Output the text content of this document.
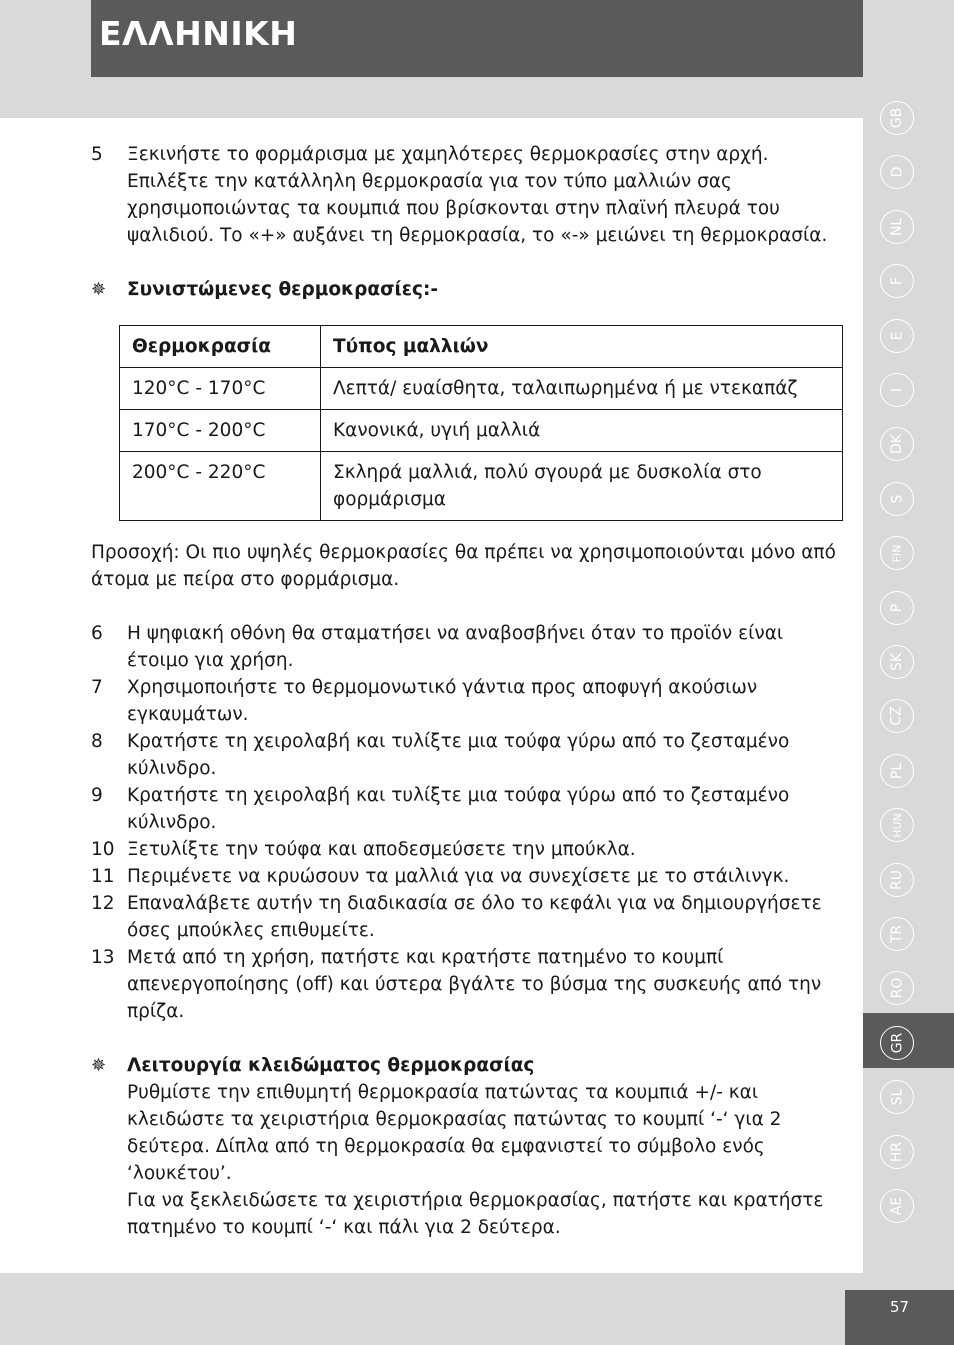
ΕΛΛΗΝΙΚΗ
GB
D
NL
F
E
I
DK
S
FIN
P
SK
CZ
PL
HUN
RU
TR
RO
GR
SL
HR
AE
5	Ξεκινήστε το φορμάρισμα με χαμηλότερες θερμοκρασίες στην αρχή. Επιλέξτε την κατάλληλη θερμοκρασία για τον τύπο μαλλιών σας χρησιμοποιώντας τα κουμπιά που βρίσκονται στην πλαϊνή πλευρά του ψαλιδιού. Το «+» αυξάνει τη θερμοκρασία, το «-» μειώνει τη θερμοκρασία.
✵	Συνιστώμενες θερμοκρασίες:-
Θερμοκρασία	Τύπος μαλλιών
120°C - 170°C	Λεπτά/ ευαίσθητα, ταλαιπωρημένα ή με ντεκαπάζ
170°C - 200°C	Κανονικά, υγιή μαλλιά
200°C - 220°C	Σκληρά μαλλιά, πολύ σγουρά με δυσκολία στο φορμάρισμα
Προσοχή: Οι πιο υψηλές θερμοκρασίες θα πρέπει να χρησιμοποιούνται μόνο από άτομα με πείρα στο φορμάρισμα.
6	Η ψηφιακή οθόνη θα σταματήσει να αναβοσβήνει όταν το προϊόν είναι έτοιμο για χρήση.
7	Χρησιμοποιήστε το θερμομονωτικό γάντια προς αποφυγή ακούσιων εγκαυμάτων.
8	Κρατήστε τη χειρολαβή και τυλίξτε μια τούφα γύρω από το ζεσταμένο κύλινδρο.
9	Κρατήστε τη χειρολαβή και τυλίξτε μια τούφα γύρω από το ζεσταμένο κύλινδρο.
10 Ξετυλίξτε την τούφα και αποδεσμεύσετε την μπούκλα.
11 Περιμένετε να κρυώσουν τα μαλλιά για να συνεχίσετε με το στάιλινγκ.
12 Επαναλάβετε αυτήν τη διαδικασία σε όλο το κεφάλι για να δημιουργήσετε όσες μπούκλες επιθυμείτε.
13 Μετά από τη χρήση, πατήστε και κρατήστε πατημένο το κουμπί απενεργοποίησης (off) και ύστερα βγάλτε το βύσμα της συσκευής από την πρίζα.
✵	Λειτουργία κλειδώματος θερμοκρασίας
Ρυθμίστε την επιθυμητή θερμοκρασία πατώντας τα κουμπιά +/- και κλειδώστε τα χειριστήρια θερμοκρασίας πατώντας το κουμπί ‘-‘ για 2 δεύτερα. Δίπλα από τη θερμοκρασία θα εμφανιστεί το σύμβολο ενός ‘λουκέτου’.
Για να ξεκλειδώσετε τα χειριστήρια θερμοκρασίας, πατήστε και κρατήστε πατημένο το κουμπί ‘-‘ και πάλι για 2 δεύτερα.
57
